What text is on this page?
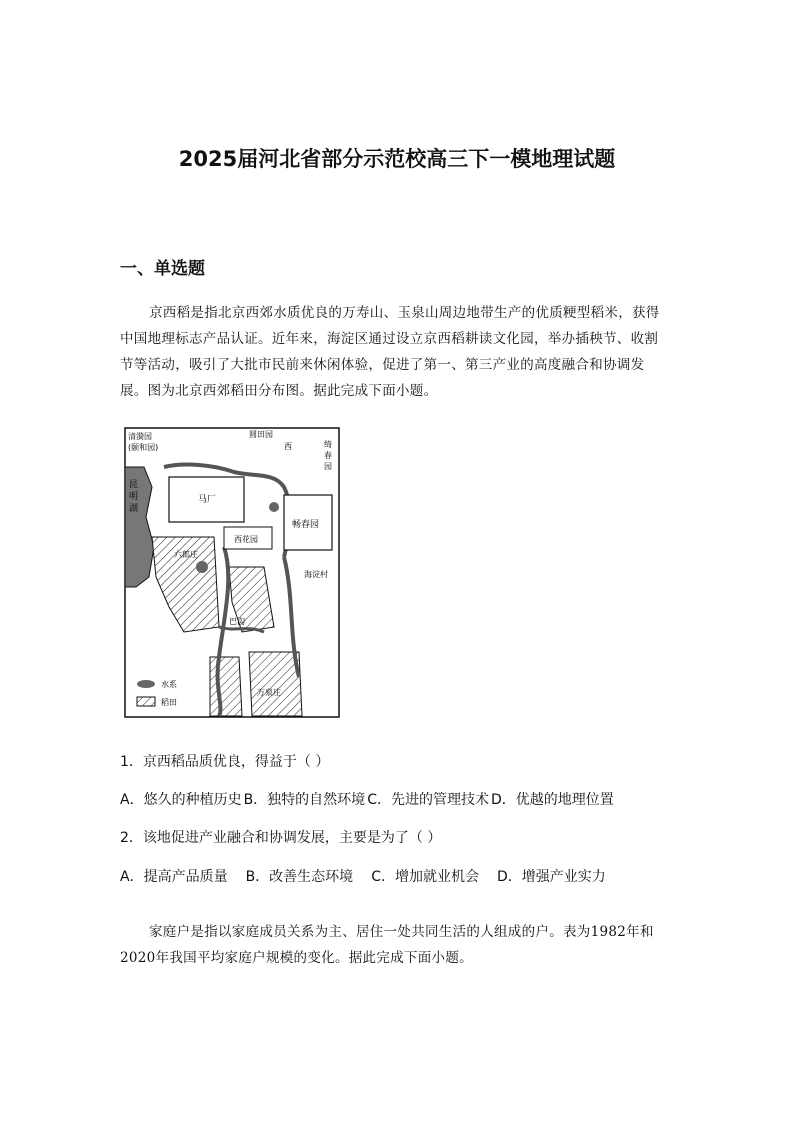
2025届河北省部分示范校高三下一模地理试题
一、单选题
京西稻是指北京西郊水质优良的万寿山、玉泉山周边地带生产的优质粳型稻米，获得中国地理标志产品认证。近年来，海淀区通过设立京西稻耕读文化园，举办插秧节、收割节等活动，吸引了大批市民前来休闲体验，促进了第一、第三产业的高度融合和协调发展。图为北京西郊稻田分布图。据此完成下面小题。
清漪园
(颐和园)
圆田园
西	绮
春
园
昆
明
湖
马厂
畅春园
西花园
六郎庄
海淀村
巴沟
万泉庄
水系
稻田
1．京西稻品质优良，得益于（ ）
A．悠久的种植历史 B．独特的自然环境 C．先进的管理技术 D．优越的地理位置
2．该地促进产业融合和协调发展，主要是为了（ ）
A．提高产品质量 B．改善生态环境 C．增加就业机会 D．增强产业实力
家庭户是指以家庭成员关系为主、居住一处共同生活的人组成的户。表为1982年和2020年我国平均家庭户规模的变化。据此完成下面小题。
